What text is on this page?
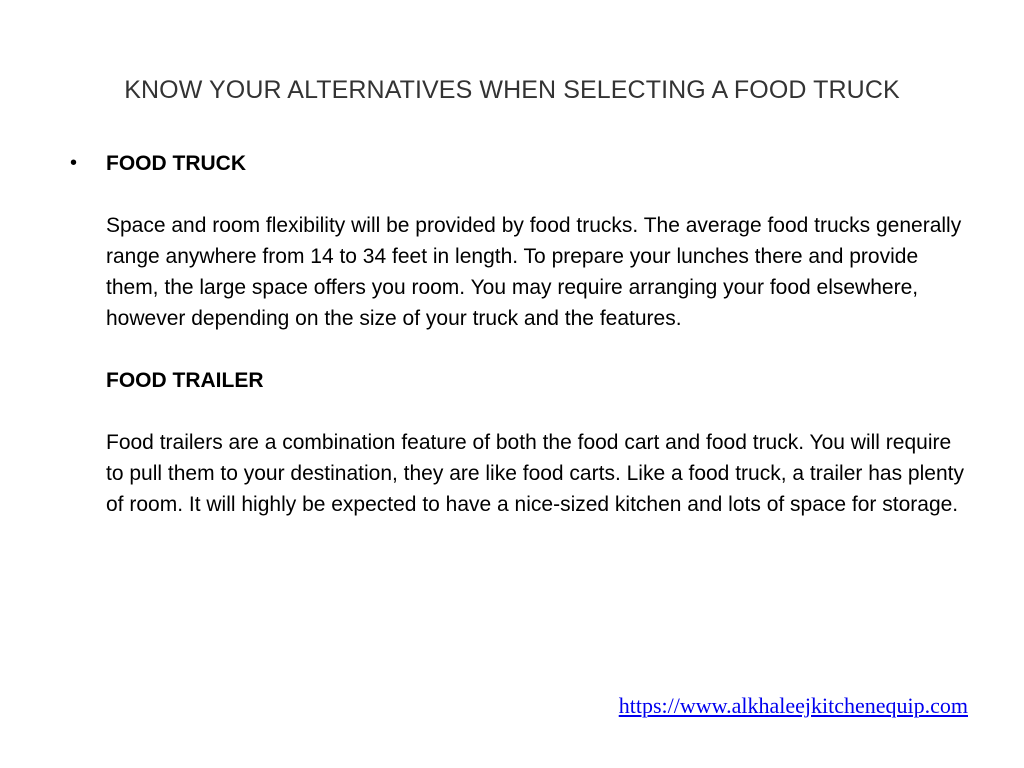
KNOW YOUR ALTERNATIVES WHEN SELECTING A FOOD TRUCK
• FOOD TRUCK

Space and room flexibility will be provided by food trucks. The average food trucks generally range anywhere from 14 to 34 feet in length. To prepare your lunches there and provide them, the large space offers you room. You may require arranging your food elsewhere, however depending on the size of your truck and the features.

FOOD TRAILER

Food trailers are a combination feature of both the food cart and food truck. You will require to pull them to your destination, they are like food carts. Like a food truck, a trailer has plenty of room. It will highly be expected to have a nice-sized kitchen and lots of space for storage.

https://www.alkhaleejkitchenequip.com
